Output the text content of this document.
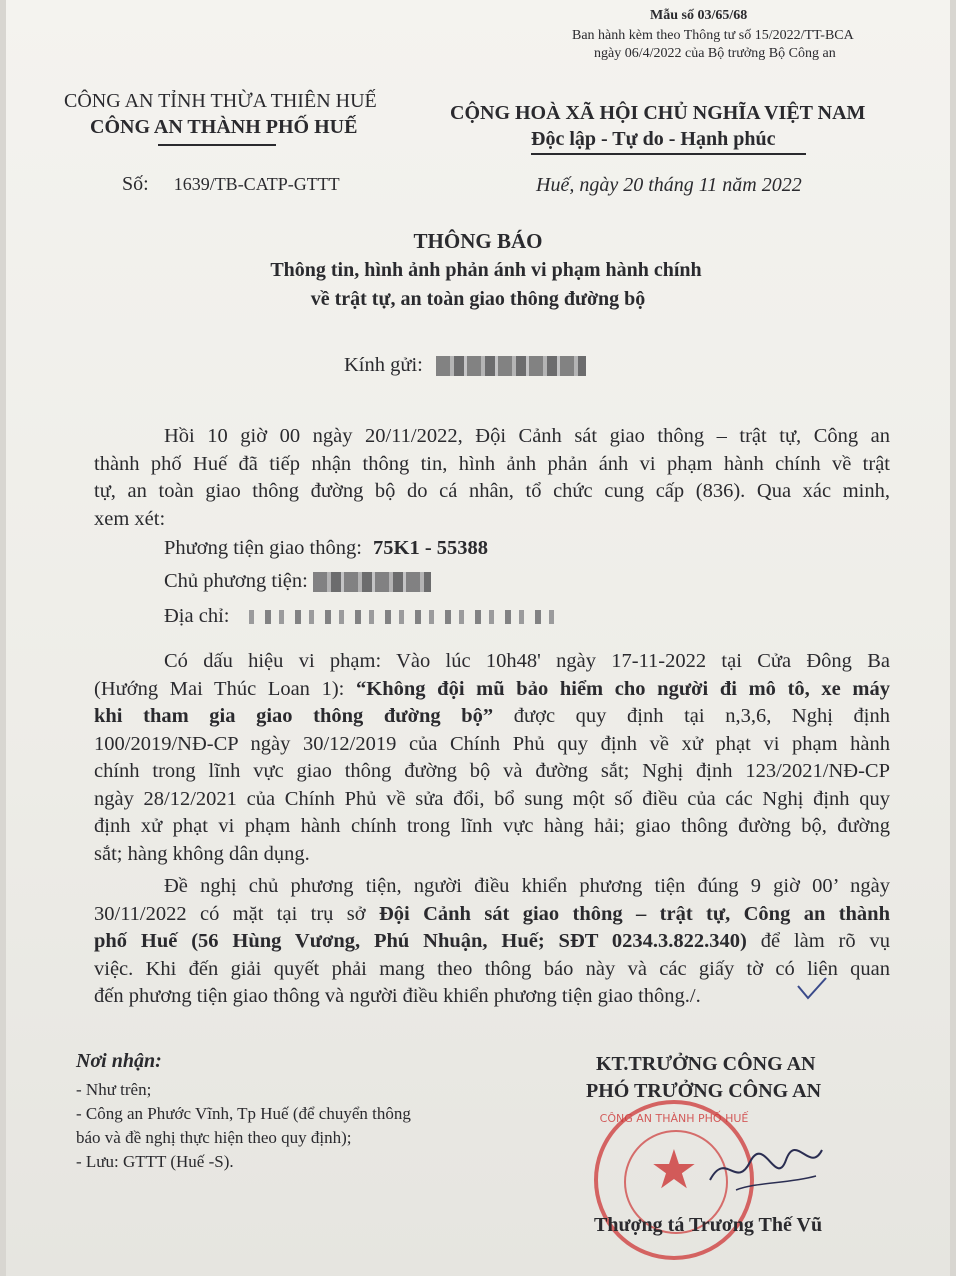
Mẫu số 03/65/68
Ban hành kèm theo Thông tư số 15/2022/TT-BCA
ngày 06/4/2022 của Bộ trưởng Bộ Công an
CÔNG AN TỈNH THỪA THIÊN HUẾ
CÔNG AN THÀNH PHỐ HUẾ
CỘNG HOÀ XÃ HỘI CHỦ NGHĨA VIỆT NAM
Độc lập - Tự do - Hạnh phúc
Số: 1639/TB-CATP-GTTT	Huế, ngày 20 tháng 11 năm 2022
THÔNG BÁO
Thông tin, hình ảnh phản ánh vi phạm hành chính
về trật tự, an toàn giao thông đường bộ
Kính gửi:
Hồi 10 giờ 00 ngày 20/11/2022, Đội Cảnh sát giao thông – trật tự, Công an
thành phố Huế đã tiếp nhận thông tin, hình ảnh phản ánh vi phạm hành chính về trật
tự, an toàn giao thông đường bộ do cá nhân, tổ chức cung cấp (836). Qua xác minh,
xem xét:
Phương tiện giao thông: 75K1 - 55388
Chủ phương tiện:
Địa chỉ:
Có dấu hiệu vi phạm: Vào lúc 10h48' ngày 17-11-2022 tại Cửa Đông Ba
(Hướng Mai Thúc Loan 1): “Không đội mũ bảo hiểm cho người đi mô tô, xe máy
khi tham gia giao thông đường bộ” được quy định tại n,3,6, Nghị định
100/2019/NĐ-CP ngày 30/12/2019 của Chính Phủ quy định về xử phạt vi phạm hành
chính trong lĩnh vực giao thông đường bộ và đường sắt; Nghị định 123/2021/NĐ-CP
ngày 28/12/2021 của Chính Phủ về sửa đổi, bổ sung một số điều của các Nghị định quy
định xử phạt vi phạm hành chính trong lĩnh vực hàng hải; giao thông đường bộ, đường
sắt; hàng không dân dụng.
Đề nghị chủ phương tiện, người điều khiển phương tiện đúng 9 giờ 00’ ngày
30/11/2022 có mặt tại trụ sở Đội Cảnh sát giao thông – trật tự, Công an thành
phố Huế (56 Hùng Vương, Phú Nhuận, Huế; SĐT 0234.3.822.340) để làm rõ vụ
việc. Khi đến giải quyết phải mang theo thông báo này và các giấy tờ có liên quan
đến phương tiện giao thông và người điều khiển phương tiện giao thông./.
Nơi nhận:
- Như trên;
- Công an Phước Vĩnh, Tp Huế (để chuyển thông
báo và đề nghị thực hiện theo quy định);
- Lưu: GTTT (Huế -S).
KT.TRƯỞNG CÔNG AN
PHÓ TRƯỞNG CÔNG AN
CÔNG AN THÀNH PHỐ HUẾ
★
Thượng tá Trương Thế Vũ
